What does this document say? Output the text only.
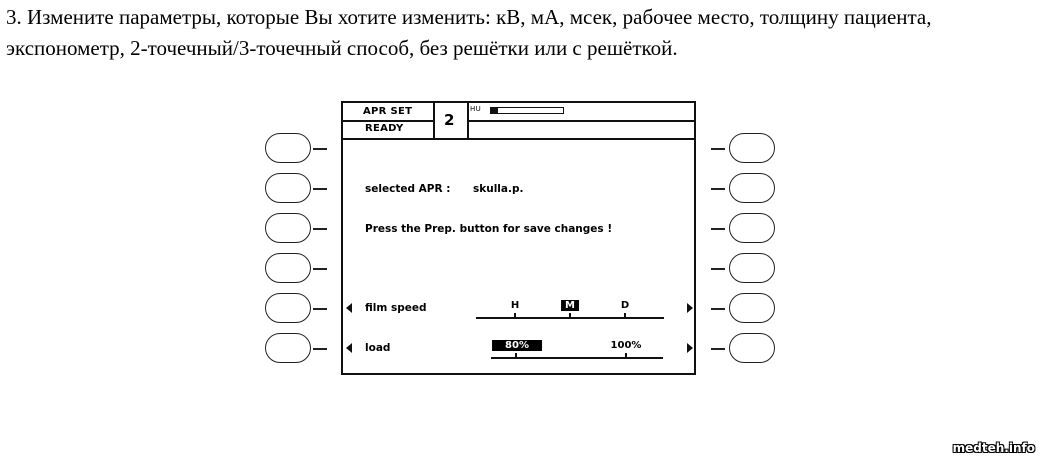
3. Измените параметры, которые Вы хотите изменить: кВ, мА, мсек, рабочее место, толщину пациента, экспонометр, 2-точечный/3-точечный способ, без решётки или с решёткой.

APR SET
READY	2
HU
selected APR : skulla.p.
Press the Prep. button for save changes !
film speed	H	M	D
load	80%	100%
medteh.info
